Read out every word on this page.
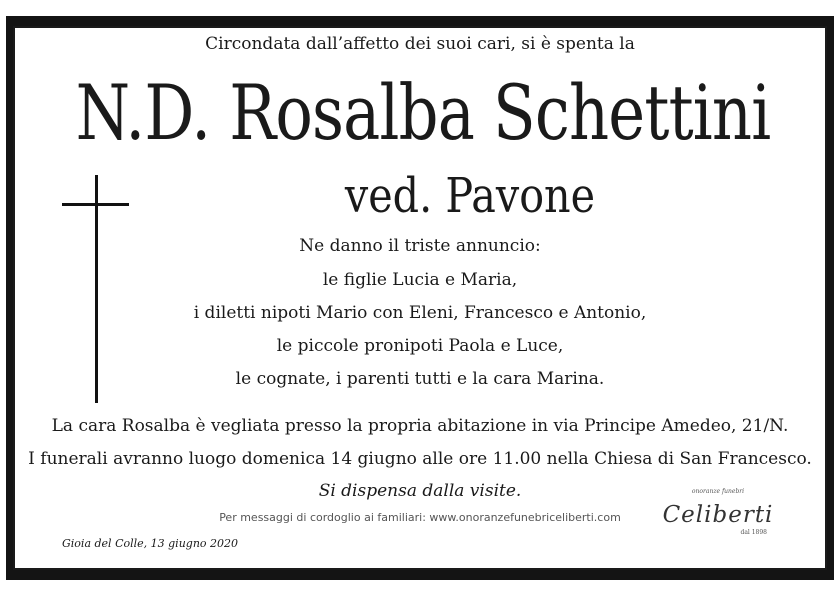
Circondata dall’affetto dei suoi cari, si è spenta la
N.D. Rosalba Schettini
ved. Pavone
Ne danno il triste annuncio:
le figlie Lucia e Maria,
i diletti nipoti Mario con Eleni, Francesco e Antonio,
le piccole pronipoti Paola e Luce,
le cognate, i parenti tutti e la cara Marina.
La cara Rosalba è vegliata presso la propria abitazione in via Principe Amedeo, 21/N.
I funerali avranno luogo domenica 14 giugno alle ore 11.00 nella Chiesa di San Francesco.
Si dispensa dalla visite.
Per messaggi di cordoglio ai familiari: www.onoranzefunebriceliberti.com
Gioia del Colle, 13 giugno 2020
onoranze funebri
Celiberti
dal 1898
